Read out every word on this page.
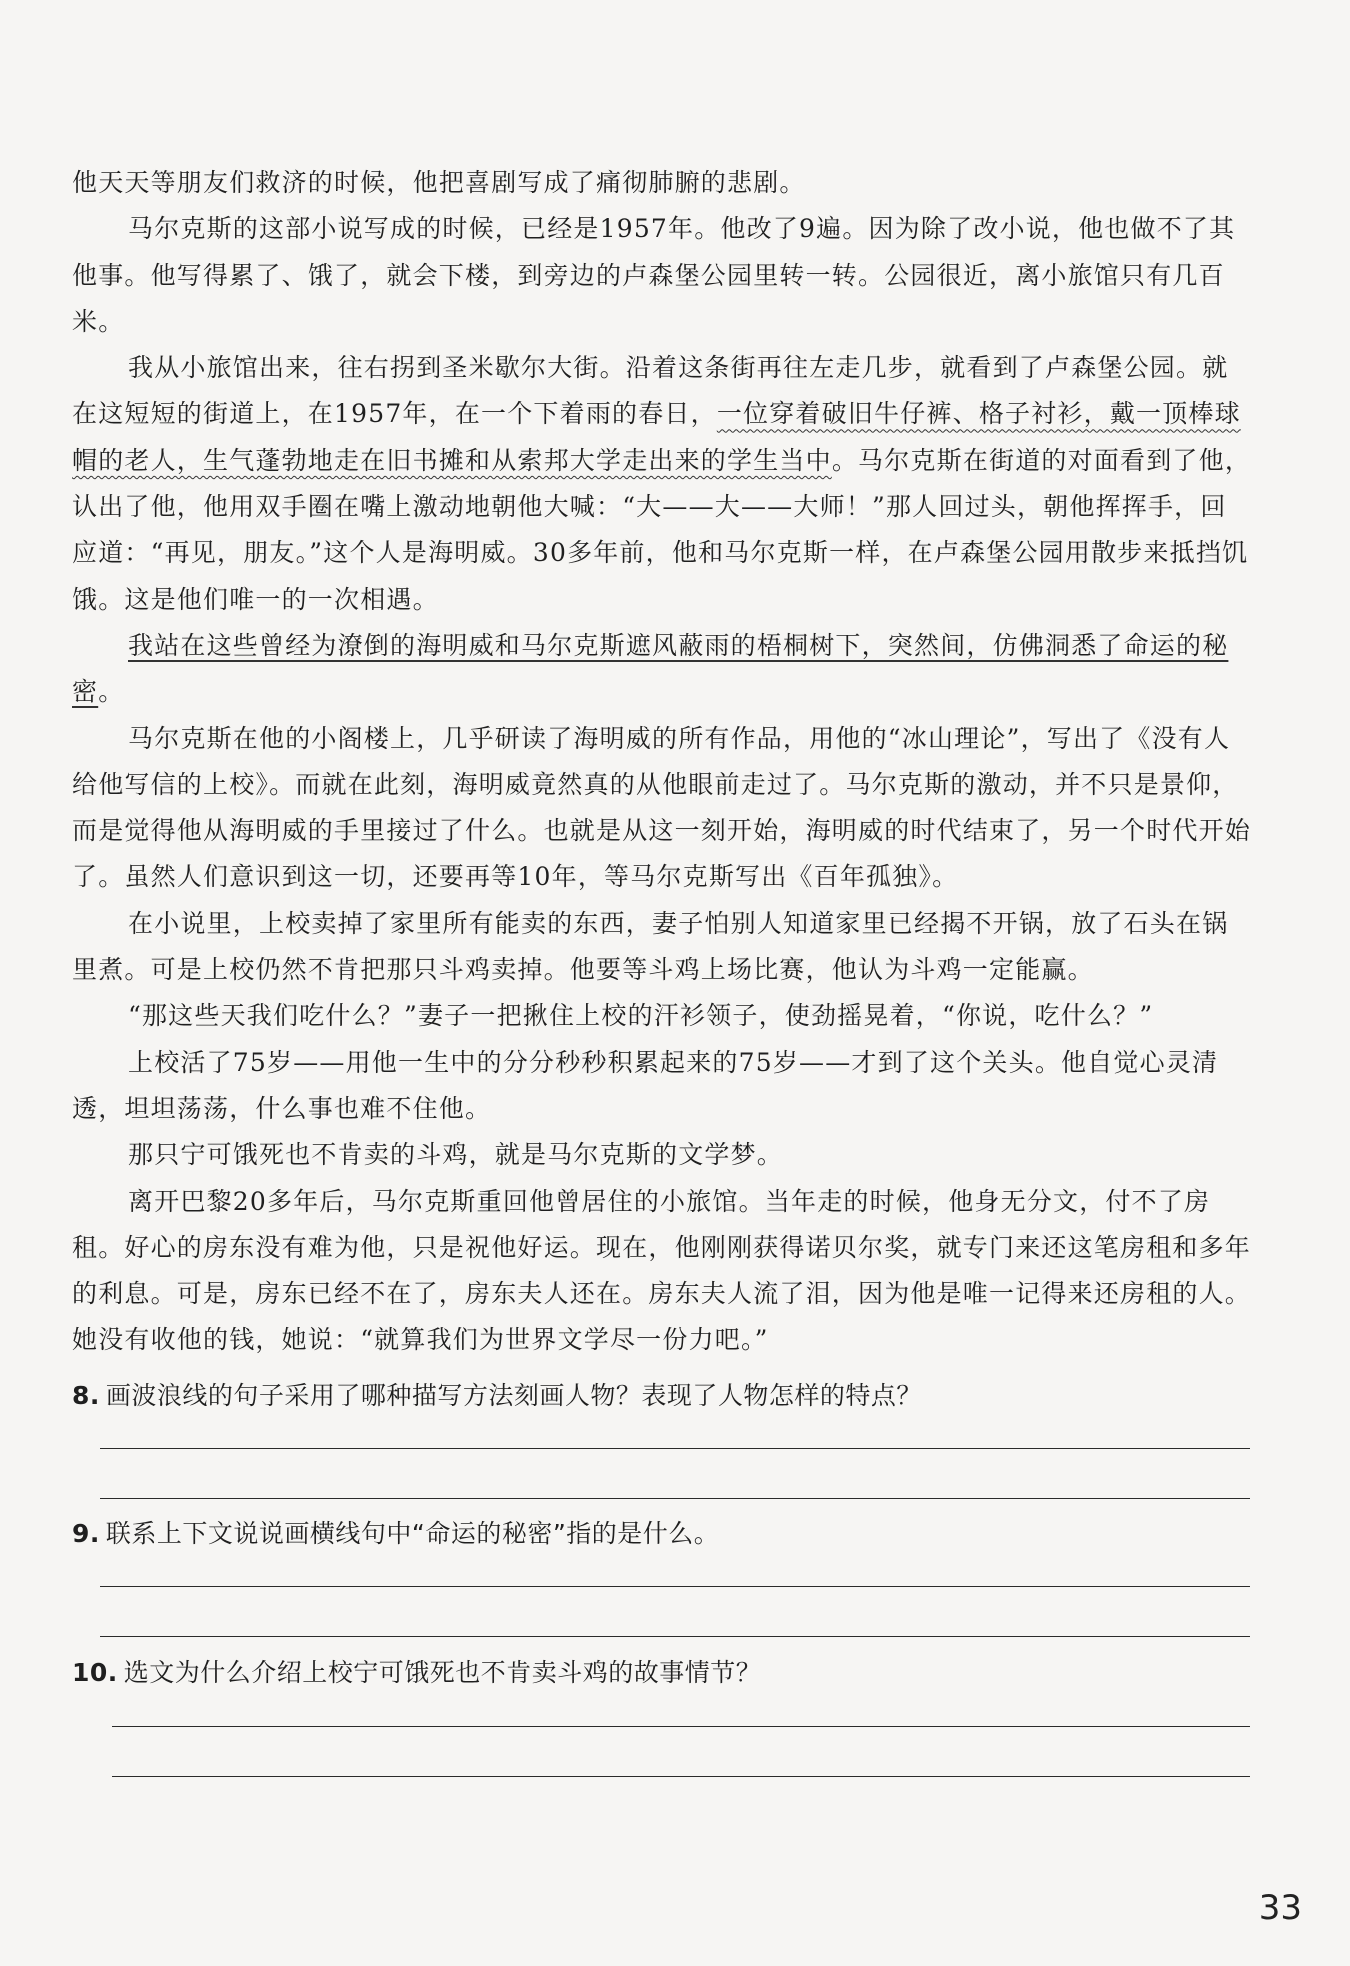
他天天等朋友们救济的时候，他把喜剧写成了痛彻肺腑的悲剧。

马尔克斯的这部小说写成的时候，已经是1957年。他改了9遍。因为除了改小说，他也做不了其他事。他写得累了、饿了，就会下楼，到旁边的卢森堡公园里转一转。公园很近，离小旅馆只有几百米。

我从小旅馆出来，往右拐到圣米歇尔大街。沿着这条街再往左走几步，就看到了卢森堡公园。就在这短短的街道上，在1957年，在一个下着雨的春日，一位穿着破旧牛仔裤、格子衬衫，戴一顶棒球帽的老人，生气蓬勃地走在旧书摊和从索邦大学走出来的学生当中。马尔克斯在街道的对面看到了他，认出了他，他用双手圈在嘴上激动地朝他大喊：“大——大——大师！”那人回过头，朝他挥挥手，回应道：“再见，朋友。”这个人是海明威。30多年前，他和马尔克斯一样，在卢森堡公园用散步来抵挡饥饿。这是他们唯一的一次相遇。

我站在这些曾经为潦倒的海明威和马尔克斯遮风蔽雨的梧桐树下，突然间，仿佛洞悉了命运的秘密。

马尔克斯在他的小阁楼上，几乎研读了海明威的所有作品，用他的“冰山理论”，写出了《没有人给他写信的上校》。而就在此刻，海明威竟然真的从他眼前走过了。马尔克斯的激动，并不只是景仰，而是觉得他从海明威的手里接过了什么。也就是从这一刻开始，海明威的时代结束了，另一个时代开始了。虽然人们意识到这一切，还要再等10年，等马尔克斯写出《百年孤独》。

在小说里，上校卖掉了家里所有能卖的东西，妻子怕别人知道家里已经揭不开锅，放了石头在锅里煮。可是上校仍然不肯把那只斗鸡卖掉。他要等斗鸡上场比赛，他认为斗鸡一定能赢。

“那这些天我们吃什么？”妻子一把揪住上校的汗衫领子，使劲摇晃着，“你说，吃什么？”

上校活了75岁——用他一生中的分分秒秒积累起来的75岁——才到了这个关头。他自觉心灵清透，坦坦荡荡，什么事也难不住他。

那只宁可饿死也不肯卖的斗鸡，就是马尔克斯的文学梦。

离开巴黎20多年后，马尔克斯重回他曾居住的小旅馆。当年走的时候，他身无分文，付不了房租。好心的房东没有难为他，只是祝他好运。现在，他刚刚获得诺贝尔奖，就专门来还这笔房租和多年的利息。可是，房东已经不在了，房东夫人还在。房东夫人流了泪，因为他是唯一记得来还房租的人。她没有收他的钱，她说：“就算我们为世界文学尽一份力吧。”

8. 画波浪线的句子采用了哪种描写方法刻画人物？表现了人物怎样的特点？
9. 联系上下文说说画横线句中“命运的秘密”指的是什么。
10. 选文为什么介绍上校宁可饿死也不肯卖斗鸡的故事情节？
33
